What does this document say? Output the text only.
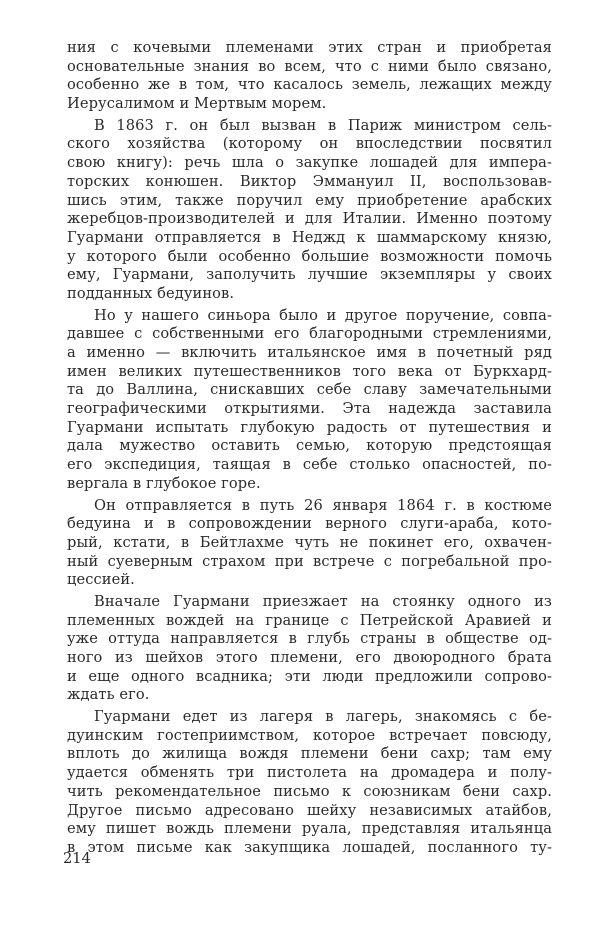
ния с кочевыми племенами этих стран и приобретая
основательные знания во всем, что с ними было связано,
особенно же в том, что касалось земель, лежащих между
Иерусалимом и Мертвым морем.
В 1863 г. он был вызван в Париж министром сель-
ского хозяйства (которому он впоследствии посвятил
свою книгу): речь шла о закупке лошадей для импера-
торских конюшен. Виктор Эммануил II, воспользовав-
шись этим, также поручил ему приобретение арабских
жеребцов-производителей и для Италии. Именно поэтому
Гуармани отправляется в Неджд к шаммарскому князю,
у которого были особенно большие возможности помочь
ему, Гуармани, заполучить лучшие экземпляры у своих
подданных бедуинов.
Но у нашего синьора было и другое поручение, совпа-
давшее с собственными его благородными стремлениями,
а именно — включить итальянское имя в почетный ряд
имен великих путешественников того века от Буркхард-
та до Валлина, снискавших себе славу замечательными
географическими открытиями. Эта надежда заставила
Гуармани испытать глубокую радость от путешествия и
дала мужество оставить семью, которую предстоящая
его экспедиция, таящая в себе столько опасностей, по-
вергала в глубокое горе.
Он отправляется в путь 26 января 1864 г. в костюме
бедуина и в сопровождении верного слуги-араба, кото-
рый, кстати, в Бейтлахме чуть не покинет его, охвачен-
ный суеверным страхом при встрече с погребальной про-
цессией.
Вначале Гуармани приезжает на стоянку одного из
племенных вождей на границе с Петрейской Аравией и
уже оттуда направляется в глубь страны в обществе од-
ного из шейхов этого племени, его двоюродного брата
и еще одного всадника; эти люди предложили сопрово-
ждать его.
Гуармани едет из лагеря в лагерь, знакомясь с бе-
дуинским гостеприимством, которое встречает повсюду,
вплоть до жилища вождя племени бени сахр; там ему
удается обменять три пистолета на дромадера и полу-
чить рекомендательное письмо к союзникам бени сахр.
Другое письмо адресовано шейху независимых атайбов,
ему пишет вождь племени руала, представляя итальянца
в этом письме как закупщика лошадей, посланного ту-
214
